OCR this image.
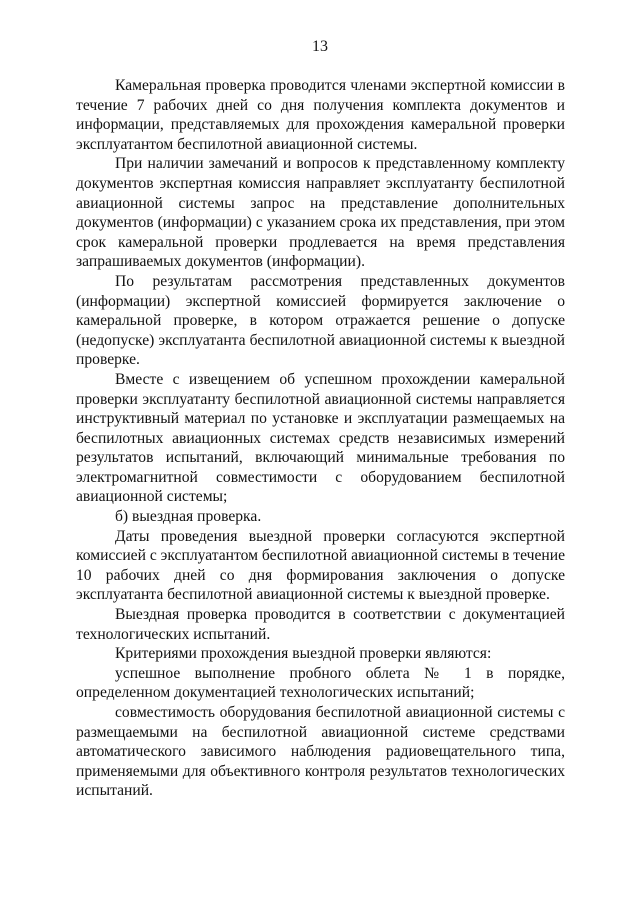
13

Камеральная проверка проводится членами экспертной комиссии в течение 7 рабочих дней со дня получения комплекта документов и информации, представляемых для прохождения камеральной проверки эксплуатантом беспилотной авиационной системы.

При наличии замечаний и вопросов к представленному комплекту документов экспертная комиссия направляет эксплуатанту беспилотной авиационной системы запрос на представление дополнительных документов (информации) с указанием срока их представления, при этом срок камеральной проверки продлевается на время представления запрашиваемых документов (информации).

По результатам рассмотрения представленных документов (информации) экспертной комиссией формируется заключение о камеральной проверке, в котором отражается решение о допуске (недопуске) эксплуатанта беспилотной авиационной системы к выездной проверке.

Вместе с извещением об успешном прохождении камеральной проверки эксплуатанту беспилотной авиационной системы направляется инструктивный материал по установке и эксплуатации размещаемых на беспилотных авиационных системах средств независимых измерений результатов испытаний, включающий минимальные требования по электромагнитной совместимости с оборудованием беспилотной авиационной системы;

б) выездная проверка.

Даты проведения выездной проверки согласуются экспертной комиссией с эксплуатантом беспилотной авиационной системы в течение 10 рабочих дней со дня формирования заключения о допуске эксплуатанта беспилотной авиационной системы к выездной проверке.

Выездная проверка проводится в соответствии с документацией технологических испытаний.

Критериями прохождения выездной проверки являются:

успешное выполнение пробного облета № 1 в порядке, определенном документацией технологических испытаний;

совместимость оборудования беспилотной авиационной системы с размещаемыми на беспилотной авиационной системе средствами автоматического зависимого наблюдения радиовещательного типа, применяемыми для объективного контроля результатов технологических испытаний.
